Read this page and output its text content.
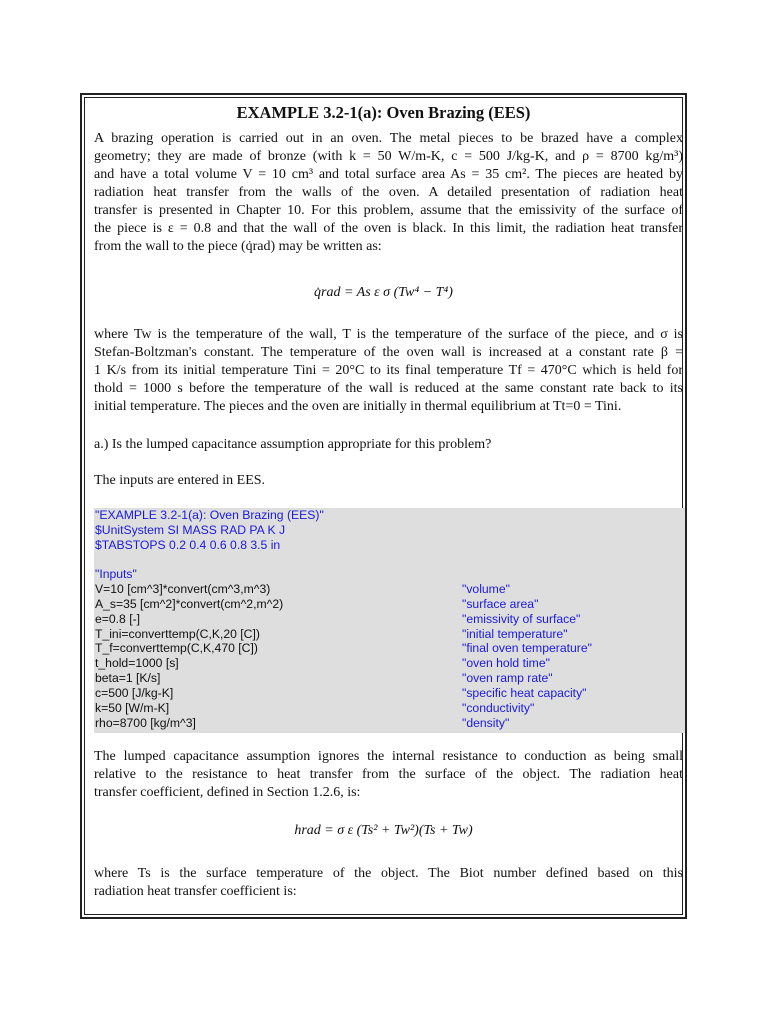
EXAMPLE 3.2-1(a): Oven Brazing (EES)
A brazing operation is carried out in an oven. The metal pieces to be brazed have a complex
geometry; they are made of bronze (with k = 50 W/m-K, c = 500 J/kg-K, and ρ = 8700 kg/m³)
and have a total volume V = 10 cm³ and total surface area As = 35 cm². The pieces are heated by
radiation heat transfer from the walls of the oven. A detailed presentation of radiation heat
transfer is presented in Chapter 10. For this problem, assume that the emissivity of the surface of
the piece is ε = 0.8 and that the wall of the oven is black. In this limit, the radiation heat transfer
from the wall to the piece (q̇rad) may be written as:
q̇rad = As ε σ (Tw⁴ − T⁴)
where Tw is the temperature of the wall, T is the temperature of the surface of the piece, and σ is
Stefan-Boltzman's constant. The temperature of the oven wall is increased at a constant rate β =
1 K/s from its initial temperature Tini = 20°C to its final temperature Tf = 470°C which is held for
thold = 1000 s before the temperature of the wall is reduced at the same constant rate back to its
initial temperature. The pieces and the oven are initially in thermal equilibrium at Tt=0 = Tini.
a.) Is the lumped capacitance assumption appropriate for this problem?
The inputs are entered in EES.
"EXAMPLE 3.2-1(a): Oven Brazing (EES)"
$UnitSystem SI MASS RAD PA K J
$TABSTOPS 0.2 0.4 0.6 0.8 3.5 in
"Inputs"
V=10 [cm^3]*convert(cm^3,m^3)	"volume"
A_s=35 [cm^2]*convert(cm^2,m^2)	"surface area"
e=0.8 [-]	"emissivity of surface"
T_ini=converttemp(C,K,20 [C])	"initial temperature"
T_f=converttemp(C,K,470 [C])	"final oven temperature"
t_hold=1000 [s]	"oven hold time"
beta=1 [K/s]	"oven ramp rate"
c=500 [J/kg-K]	"specific heat capacity"
k=50 [W/m-K]	"conductivity"
rho=8700 [kg/m^3]	"density"
The lumped capacitance assumption ignores the internal resistance to conduction as being small
relative to the resistance to heat transfer from the surface of the object. The radiation heat
transfer coefficient, defined in Section 1.2.6, is:
hrad = σ ε (Ts² + Tw²)(Ts + Tw)
where Ts is the surface temperature of the object. The Biot number defined based on this
radiation heat transfer coefficient is:
